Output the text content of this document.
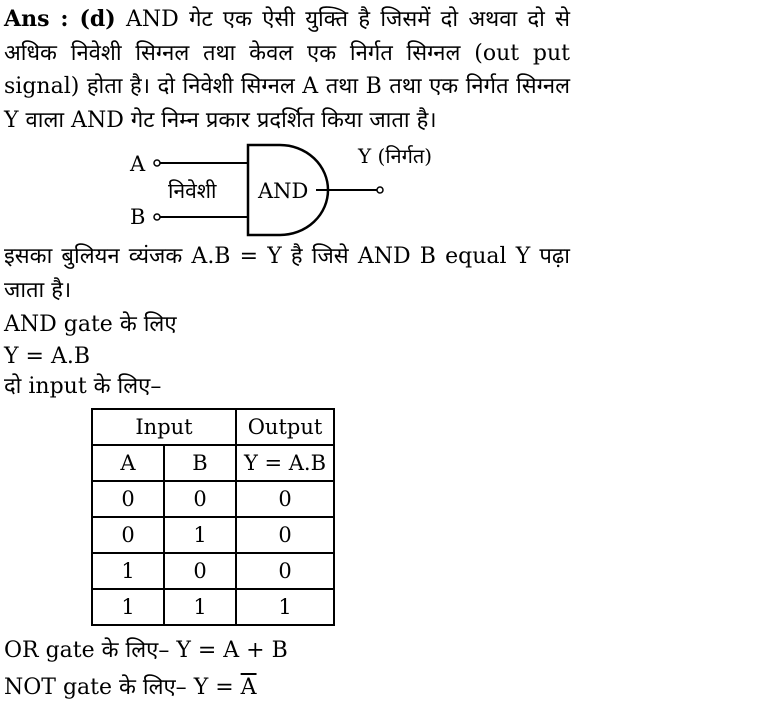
Ans : (d) AND गेट एक ऐसी युक्ति है जिसमें दो अथवा दो से अधिक निवेशी सिग्नल तथा केवल एक निर्गत सिग्नल (out put signal) होता है। दो निवेशी सिग्नल A तथा B तथा एक निर्गत सिग्नल Y वाला AND गेट निम्न प्रकार प्रदर्शित किया जाता है।

A
B
निवेशी AND
Y (निर्गत)

इसका बुलियन व्यंजक A.B = Y है जिसे AND B equal Y पढ़ा जाता है।

AND gate के लिए
Y = A.B
दो input के लिए–
Input		Output
A	B	Y = A.B
0	0	0
0	1	0
1	0	0
1	1	1
OR gate के लिए– Y = A + B
NOT gate के लिए– $Y = \overline{A}$
